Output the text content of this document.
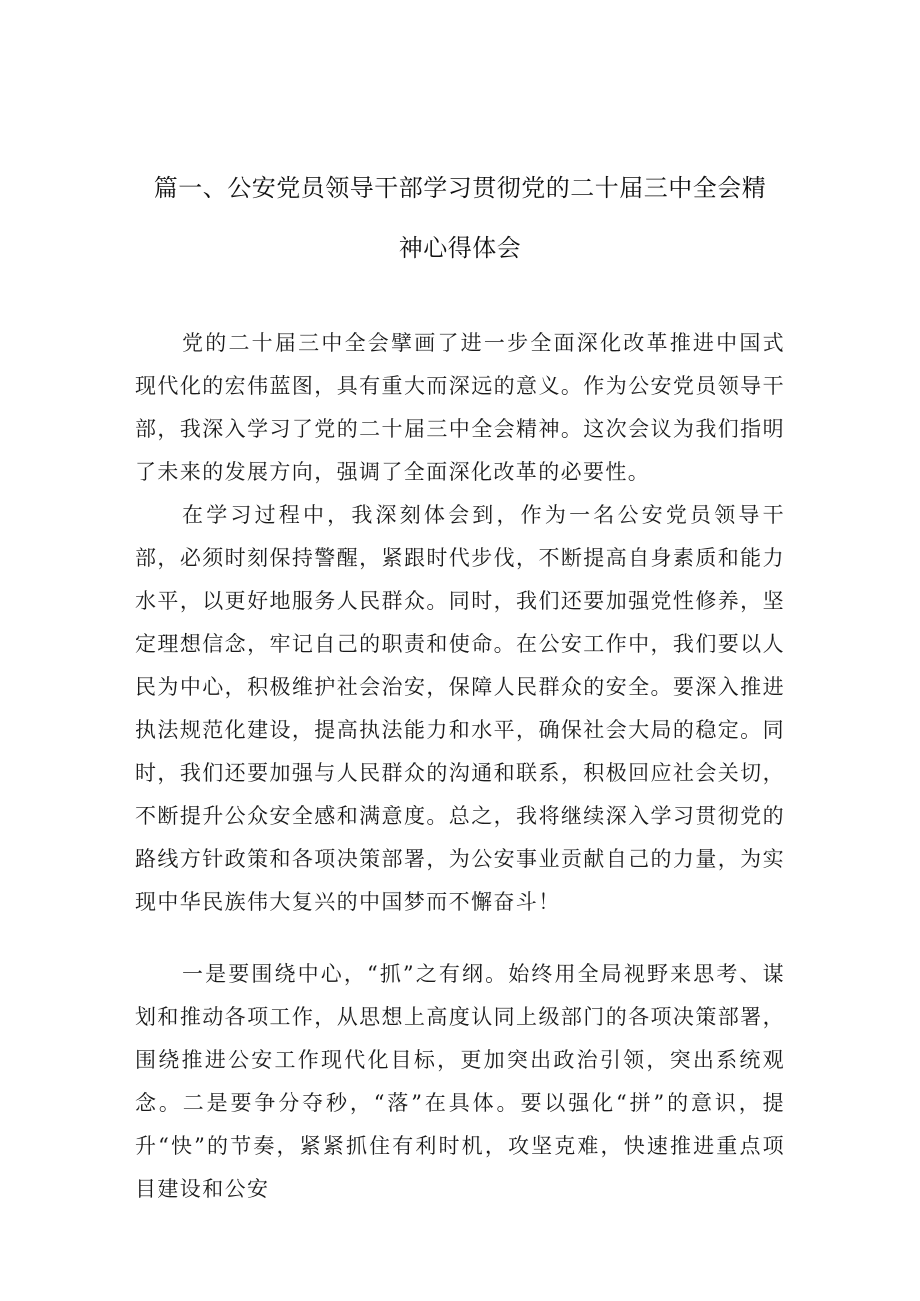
篇一、公安党员领导干部学习贯彻党的二十届三中全会精
神心得体会

党的二十届三中全会擘画了进一步全面深化改革推进中国式现代化的宏伟蓝图，具有重大而深远的意义。作为公安党员领导干部，我深入学习了党的二十届三中全会精神。这次会议为我们指明了未来的发展方向，强调了全面深化改革的必要性。

在学习过程中，我深刻体会到，作为一名公安党员领导干部，必须时刻保持警醒，紧跟时代步伐，不断提高自身素质和能力水平，以更好地服务人民群众。同时，我们还要加强党性修养，坚定理想信念，牢记自己的职责和使命。在公安工作中，我们要以人民为中心，积极维护社会治安，保障人民群众的安全。要深入推进执法规范化建设，提高执法能力和水平，确保社会大局的稳定。同时，我们还要加强与人民群众的沟通和联系，积极回应社会关切，不断提升公众安全感和满意度。总之，我将继续深入学习贯彻党的路线方针政策和各项决策部署，为公安事业贡献自己的力量，为实现中华民族伟大复兴的中国梦而不懈奋斗！

一是要围绕中心，“抓”之有纲。始终用全局视野来思考、谋划和推动各项工作，从思想上高度认同上级部门的各项决策部署，围绕推进公安工作现代化目标，更加突出政治引领，突出系统观念。二是要争分夺秒，“落”在具体。要以强化“拼”的意识，提升“快”的节奏，紧紧抓住有利时机，攻坚克难，快速推进重点项目建设和公安
